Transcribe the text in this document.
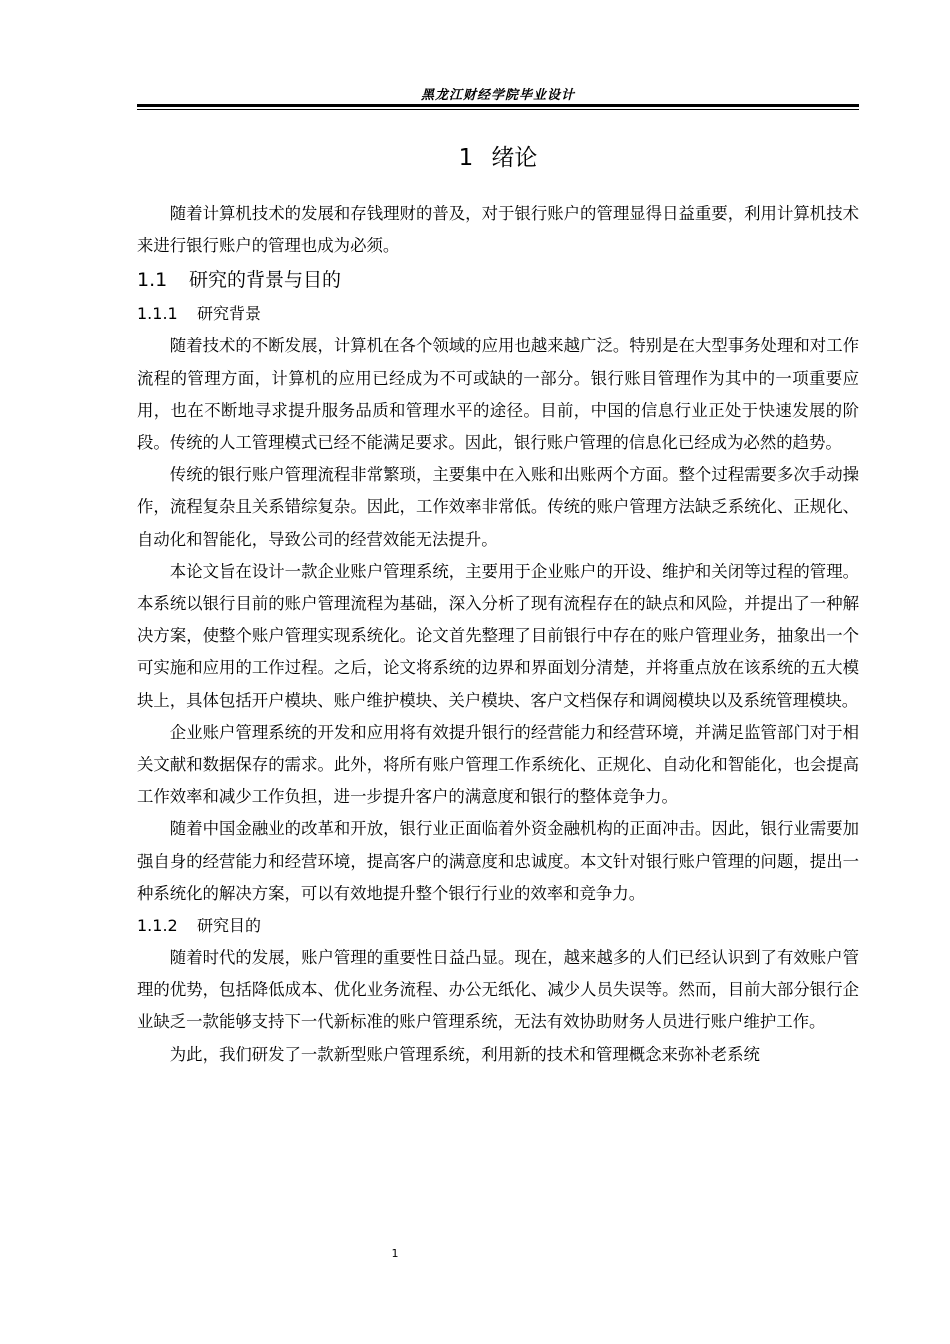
黑龙江财经学院毕业设计
1 绪论

随着计算机技术的发展和存钱理财的普及，对于银行账户的管理显得日益重要，利用计算机技术来进行银行账户的管理也成为必须。

1.1 研究的背景与目的
1.1.1 研究背景

随着技术的不断发展，计算机在各个领域的应用也越来越广泛。特别是在大型事务处理和对工作流程的管理方面，计算机的应用已经成为不可或缺的一部分。银行账目管理作为其中的一项重要应用，也在不断地寻求提升服务品质和管理水平的途径。目前，中国的信息行业正处于快速发展的阶段。传统的人工管理模式已经不能满足要求。因此，银行账户管理的信息化已经成为必然的趋势。

传统的银行账户管理流程非常繁琐，主要集中在入账和出账两个方面。整个过程需要多次手动操作，流程复杂且关系错综复杂。因此，工作效率非常低。传统的账户管理方法缺乏系统化、正规化、自动化和智能化，导致公司的经营效能无法提升。

本论文旨在设计一款企业账户管理系统，主要用于企业账户的开设、维护和关闭等过程的管理。本系统以银行目前的账户管理流程为基础，深入分析了现有流程存在的缺点和风险，并提出了一种解决方案，使整个账户管理实现系统化。论文首先整理了目前银行中存在的账户管理业务，抽象出一个可实施和应用的工作过程。之后，论文将系统的边界和界面划分清楚，并将重点放在该系统的五大模块上，具体包括开户模块、账户维护模块、关户模块、客户文档保存和调阅模块以及系统管理模块。

企业账户管理系统的开发和应用将有效提升银行的经营能力和经营环境，并满足监管部门对于相关文献和数据保存的需求。此外，将所有账户管理工作系统化、正规化、自动化和智能化，也会提高工作效率和减少工作负担，进一步提升客户的满意度和银行的整体竞争力。

随着中国金融业的改革和开放，银行业正面临着外资金融机构的正面冲击。因此，银行业需要加强自身的经营能力和经营环境，提高客户的满意度和忠诚度。本文针对银行账户管理的问题，提出一种系统化的解决方案，可以有效地提升整个银行行业的效率和竞争力。

1.1.2 研究目的

随着时代的发展，账户管理的重要性日益凸显。现在，越来越多的人们已经认识到了有效账户管理的优势，包括降低成本、优化业务流程、办公无纸化、减少人员失误等。然而，目前大部分银行企业缺乏一款能够支持下一代新标准的账户管理系统，无法有效协助财务人员进行账户维护工作。

为此，我们研发了一款新型账户管理系统，利用新的技术和管理概念来弥补老系统

1
